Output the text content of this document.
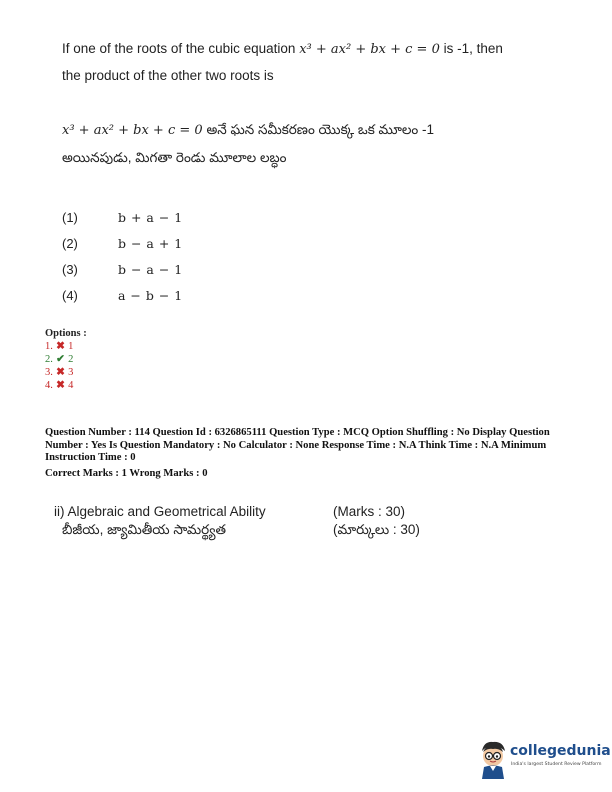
If one of the roots of the cubic equation x³ + ax² + bx + c = 0 is -1, then
the product of the other two roots is
x³ + ax² + bx + c = 0 అనే ఘన సమీకరణం యొక్క ఒక మూలం -1
అయినపుడు, మిగతా రెండు మూలాల లబ్ధం
(1)	b + a − 1
(2)	b − a + 1
(3)	b − a − 1
(4)	a − b − 1
Options :
1. ✖ 1
2. ✔ 2
3. ✖ 3
4. ✖ 4
Question Number : 114 Question Id : 6326865111 Question Type : MCQ Option Shuffling : No Display Question
Number : Yes Is Question Mandatory : No Calculator : None Response Time : N.A Think Time : N.A Minimum
Instruction Time : 0
Correct Marks : 1 Wrong Marks : 0
ii) Algebraic and Geometrical Ability
బీజీయ, జ్యామితీయ సామర్థ్యత
(Marks : 30)
(మార్కులు : 30)
collegedunia
India's largest Student Review Platform
